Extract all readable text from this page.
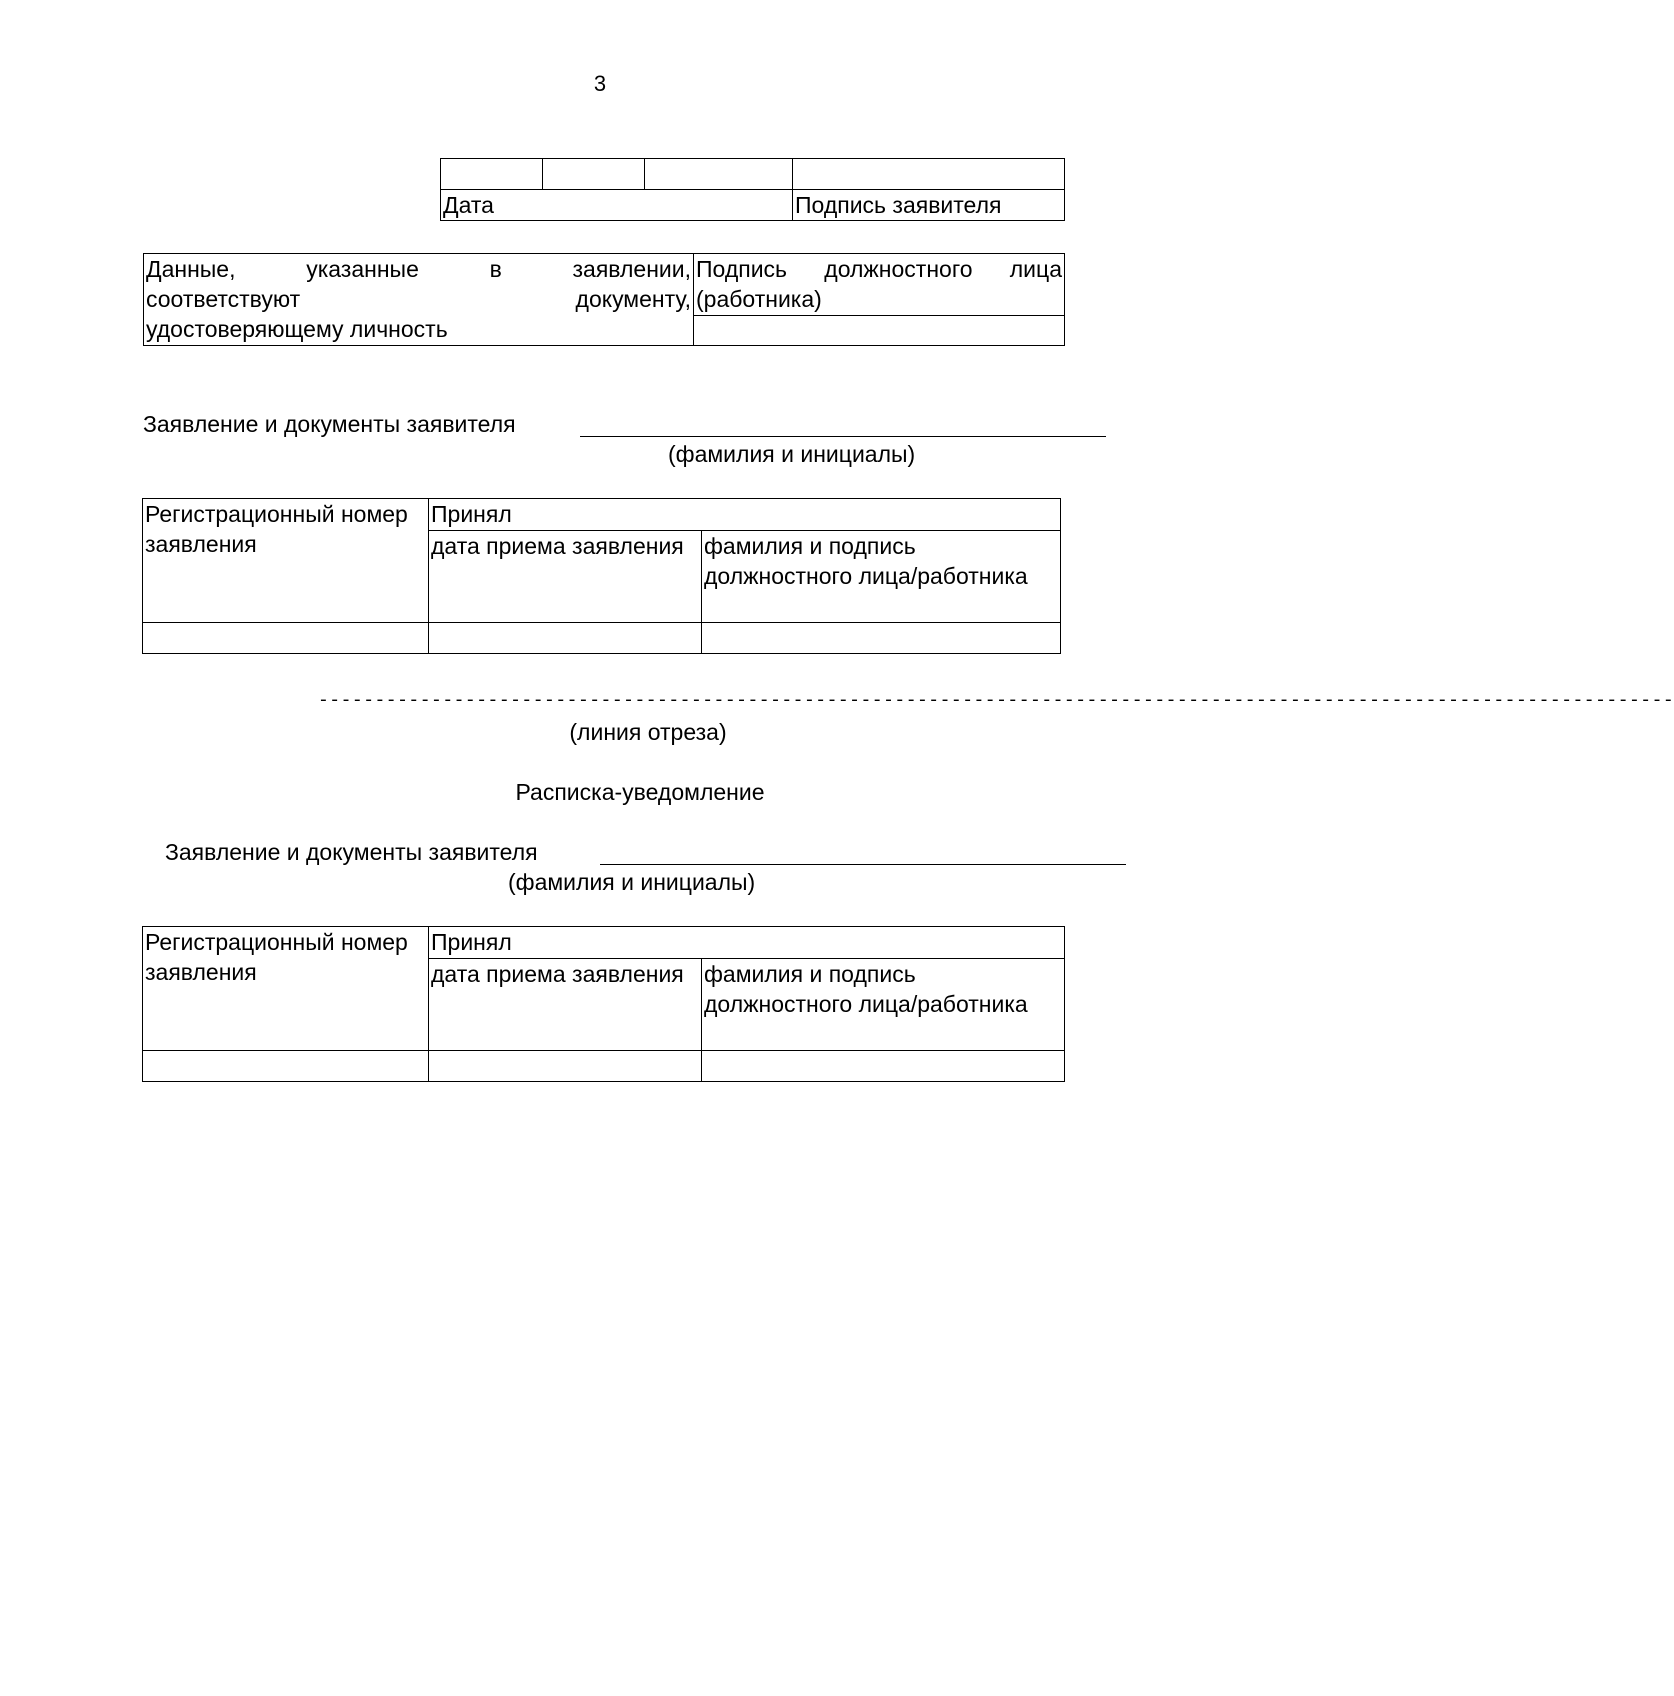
3

Дата			Подпись заявителя
Данные, указанные в заявлении,
соответствуют документу,
удостоверяющему личность
	Подпись должностного лица (работника)

Заявление и документы заявителя
(фамилия и инициалы)
Регистрационный номер заявления	Принял	
	дата приема заявления	фамилия и подпись должностного лица/работника

------------------------------------------------------------------------------------------------------------------------
(линия отреза)
Расписка-уведомление
Заявление и документы заявителя
(фамилия и инициалы)
Регистрационный номер заявления	Принял	
	дата приема заявления	фамилия и подпись должностного лица/работника
